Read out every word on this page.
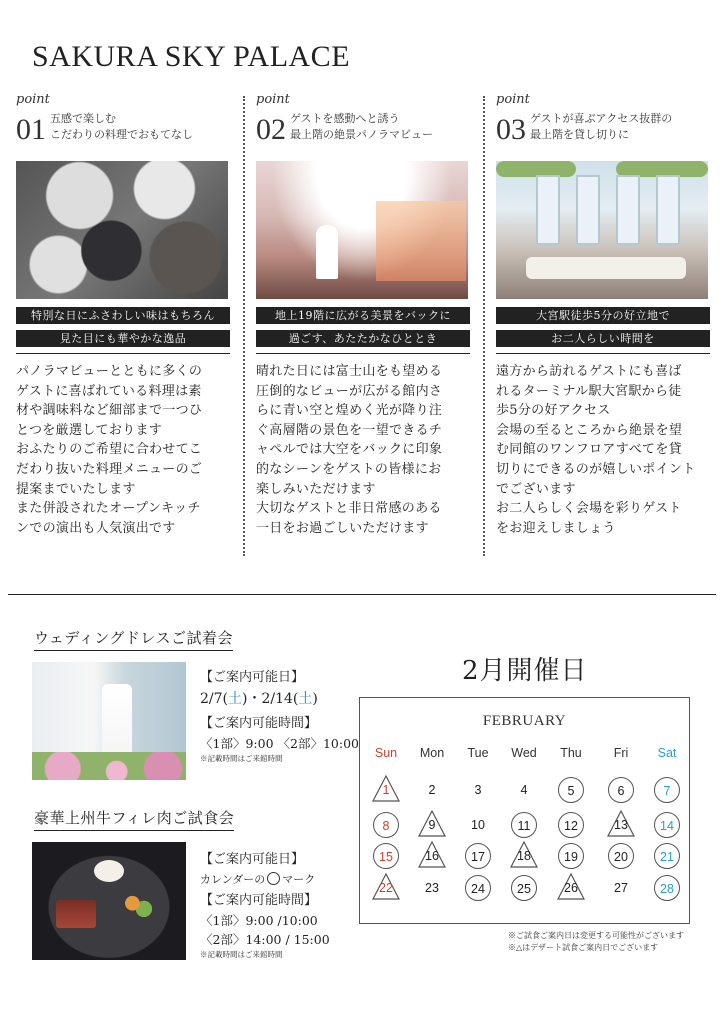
SAKURA SKY PALACE
point
01 五感で楽しむ
こだわりの料理でおもてなし
特別な日にふさわしい味はもちろん
見た目にも華やかな逸品
パノラマビューとともに多くの
ゲストに喜ばれている料理は素
材や調味料など細部まで一つひ
とつを厳選しております
おふたりのご希望に合わせてこ
だわり抜いた料理メニューのご
提案までいたします
また併設されたオープンキッチ
ンでの演出も人気演出です
point
02 ゲストを感動へと誘う
最上階の絶景パノラマビュー
地上19階に広がる美景をバックに
過ごす、あたたかなひととき
晴れた日には富士山をも望める
圧倒的なビューが広がる館内さ
らに青い空と煌めく光が降り注
ぐ高層階の景色を一望できるチ
ャペルでは大空をバックに印象
的なシーンをゲストの皆様にお
楽しみいただけます
大切なゲストと非日常感のある
一日をお過ごしいただけます
point
03 ゲストが喜ぶアクセス抜群の
最上階を貸し切りに
大宮駅徒歩5分の好立地で
お二人らしい時間を
遠方から訪れるゲストにも喜ば
れるターミナル駅大宮駅から徒
歩5分の好アクセス
会場の至るところから絶景を望
む同館のワンフロアすべてを貸
切りにできるのが嬉しいポイント
でございます
お二人らしく会場を彩りゲスト
をお迎えしましょう
ウェディングドレスご試着会
【ご案内可能日】
2/7(土)・2/14(土)
【ご案内可能時間】
〈1部〉9:00 〈2部〉10:00
※記載時間はご来館時間
豪華上州牛フィレ肉ご試食会
【ご案内可能日】
カレンダーの ○ マーク
【ご案内可能時間】
〈1部〉9:00 /10:00
〈2部〉14:00 / 15:00
※記載時間はご来館時間
2月開催日
FEBRUARY
Sun	Mon	Tue	Wed	Thu	Fri	Sat
1	2	3	4	5	6	7
8	9	10	11	12	13	14
15	16	17	18	19	20	21
22	23	24	25	26	27	28
※ご試食ご案内日は変更する可能性がございます
※△はデザート試食ご案内日でございます
